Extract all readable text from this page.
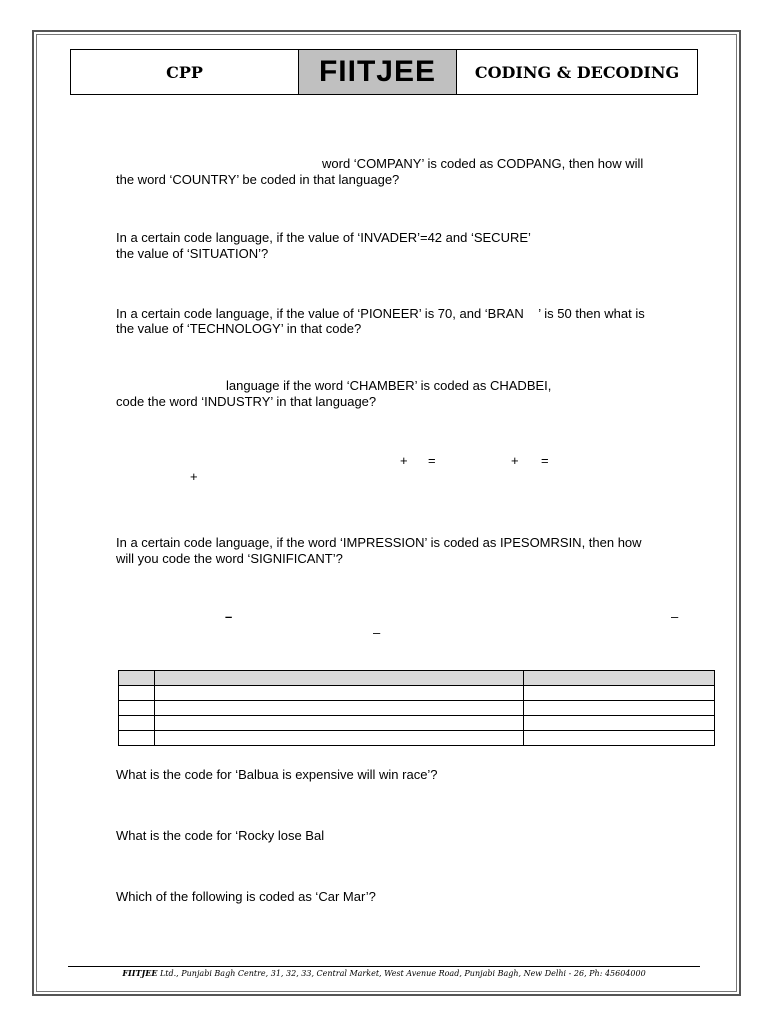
CPP	FIITJEE	CODING & DECODING
word ‘COMPANY’ is coded as CODPANG, then how will
the word ‘COUNTRY’ be coded in that language?
In a certain code language, if the value of ‘INVADER’=42 and ‘SECURE’
the value of ‘SITUATION’?
In a certain code language, if the value of ‘PIONEER’ is 70, and ‘BRAN    ’ is 50 then what is
the value of ‘TECHNOLOGY’ in that code?
language if the word ‘CHAMBER’ is coded as CHADBEI,
code the word ‘INDUSTRY’ in that language?
+ =	+ =
+
In a certain code language, if the word ‘IMPRESSION’ is coded as IPESOMRSIN, then how
will you code the word ‘SIGNIFICANT’?
–	–
–

What is the code for ‘Balbua is expensive will win race’?
What is the code for ‘Rocky lose Bal
Which of the following is coded as ‘Car Mar’?
FIITJEE Ltd., Punjabi Bagh Centre, 31, 32, 33, Central Market, West Avenue Road, Punjabi Bagh, New Delhi - 26, Ph: 45604000
